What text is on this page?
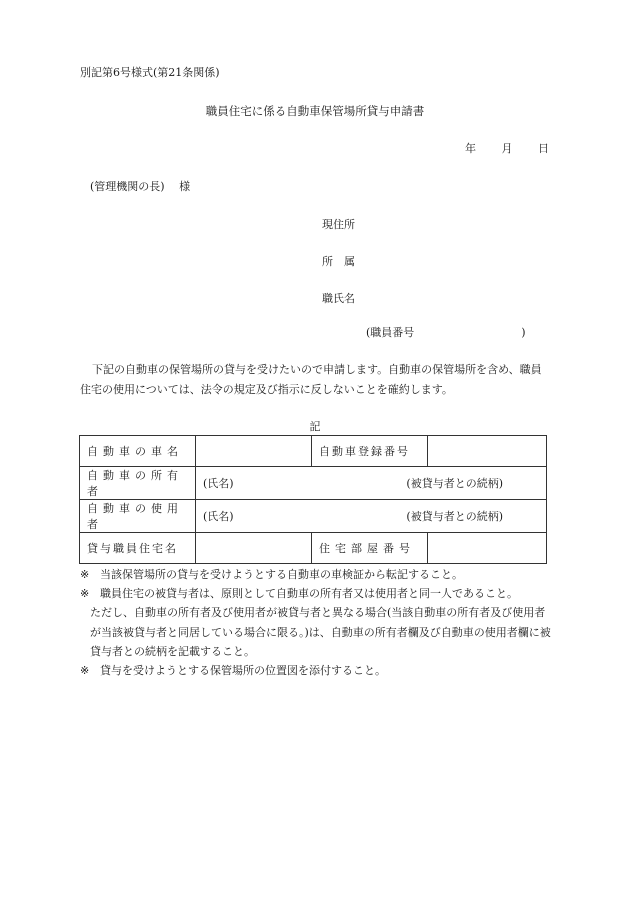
別記第6号様式(第21条関係)
職員住宅に係る自動車保管場所貸与申請書
年 月 日
(管理機関の長)　 様
現住所
所　属
職氏名
(職員番号	)
下記の自動車の保管場所の貸与を受けたいので申請します。自動車の保管場所を含め、職員住宅の使用については、法令の規定及び指示に反しないことを確約します。
記
自動車の車名		自動車登録番号	
自動車の所有者	(氏名) (被貸与者との続柄)		

自動車の使用者	(氏名) (被貸与者との続柄)		

貸与職員住宅名		住宅部屋番号	
※ 当該保管場所の貸与を受けようとする自動車の車検証から転記すること。
※ 職員住宅の被貸与者は、原則として自動車の所有者又は使用者と同一人であること。
ただし、自動車の所有者及び使用者が被貸与者と異なる場合(当該自動車の所有者及び使用者が当該被貸与者と同居している場合に限る。)は、自動車の所有者欄及び自動車の使用者欄に被貸与者との続柄を記載すること。
※ 貸与を受けようとする保管場所の位置図を添付すること。
